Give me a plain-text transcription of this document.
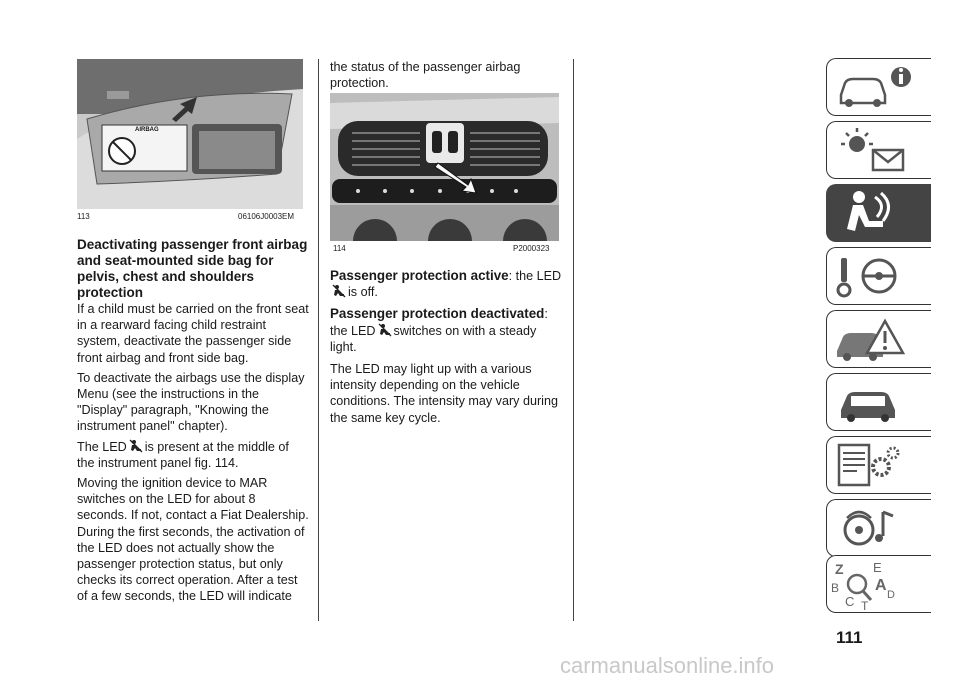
AIRBAG
113	06106J0003EM

Deactivating passenger front airbag and seat-mounted side bag for pelvis, chest and shoulders protection

If a child must be carried on the front seat in a rearward facing child restraint system, deactivate the passenger side front airbag and front side bag.

To deactivate the airbags use the display Menu (see the instructions in the "Display" paragraph, "Knowing the instrument panel" chapter).

The LED is present at the middle of the instrument panel fig. 114.

Moving the ignition device to MAR switches on the LED for about 8 seconds. If not, contact a Fiat Dealership. During the first seconds, the activation of the LED does not actually show the passenger protection status, but only checks its correct operation. After a test of a few seconds, the LED will indicate

the status of the passenger airbag protection.

114	P2000323

Passenger protection active: the LEDis off.

Passenger protection deactivated: the LED switches on with a steady light.

The LED may light up with a various intensity depending on the vehicle conditions. The intensity may vary during the same key cycle.

Z E
B A
C	D
T
111
carmanualsonline.info
